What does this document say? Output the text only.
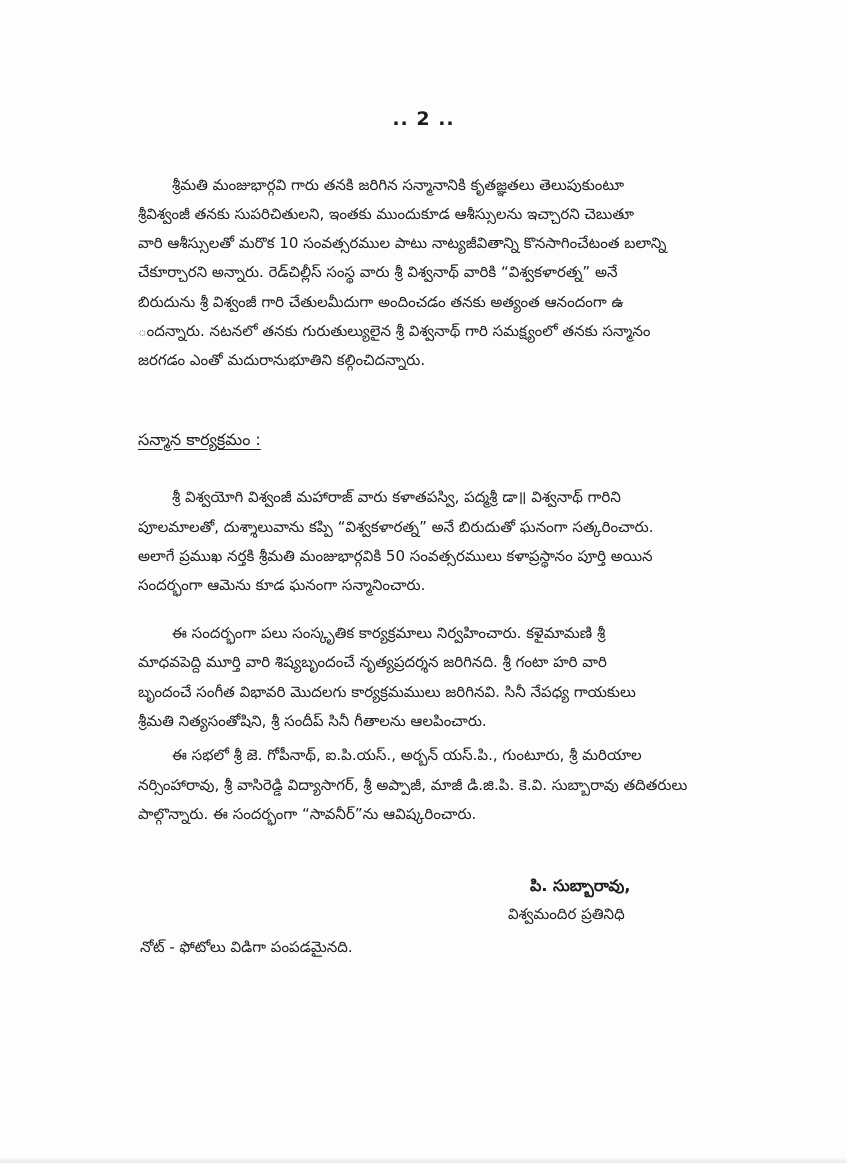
.. 2 ..
శ్రీమతి మంజుభార్గవి గారు తనకి జరిగిన సన్మానానికి కృతజ్ఞతలు తెలుపుకుంటూ
శ్రీవిశ్వంజీ తనకు సుపరిచితులని, ఇంతకు ముందుకూడ ఆశీస్సులను ఇచ్చారని చెబుతూ
వారి ఆశీస్సులతో మరొక 10 సంవత్సరముల పాటు నాట్యజీవితాన్ని కొనసాగించేటంత బలాన్ని
చేకూర్చారని అన్నారు. రెడ్‌చిల్లీస్ సంస్థ వారు శ్రీ విశ్వనాథ్ వారికి “విశ్వకళారత్న” అనే
బిరుదును శ్రీ విశ్వంజీ గారి చేతులమీదుగా అందించడం తనకు అత్యంత ఆనందంగా ఉ
ందన్నారు. నటనలో తనకు గురుతుల్యులైన శ్రీ విశ్వనాథ్ గారి సమక్ష్యంలో తనకు సన్మానం
జరగడం ఎంతో మదురానుభూతిని కల్గించిదన్నారు.
సన్మాన కార్యక్రమం :
శ్రీ విశ్వయోగి విశ్వంజీ మహారాజ్ వారు కళాతపస్వి, పద్మశ్రీ డా॥ విశ్వనాథ్ గారిని
పూలమాలతో, దుశ్శాలువాను కప్పి “విశ్వకళారత్న” అనే బిరుదుతో ఘనంగా సత్కరించారు.
అలాగే ప్రముఖ నర్తకి శ్రీమతి మంజుభార్గవికి 50 సంవత్సరములు కళాప్రస్థానం పూర్తి అయిన
సందర్భంగా ఆమెను కూడ ఘనంగా సన్మానించారు.
ఈ సందర్భంగా పలు సంస్కృతిక కార్యక్రమాలు నిర్వహించారు. కళైమామణి శ్రీ
మాధవపెద్ది మూర్తి వారి శిష్యబృందంచే నృత్యప్రదర్శన జరిగినది. శ్రీ గంటా హరి వారి
బృందంచే సంగీత విభావరి మొదలగు కార్యక్రమములు జరిగినవి. సినీ నేపధ్య గాయకులు
శ్రీమతి నిత్యసంతోషిని, శ్రీ సందీప్ సినీ గీతాలను ఆలపించారు.
ఈ సభలో శ్రీ జె. గోపీనాథ్, ఐ.పి.యస్., అర్బన్ యస్.పి., గుంటూరు, శ్రీ మరియాల
నర్సింహారావు, శ్రీ వాసిరెడ్డి విద్యాసాగర్, శ్రీ అప్పాజీ, మాజీ డి.జి.పి. కె.వి. సుబ్బారావు తదితరులు
పాల్గొన్నారు. ఈ సందర్భంగా “సావనీర్”ను ఆవిష్కరించారు.
పి. సుబ్బారావు,
విశ్వమందిర ప్రతినిధి
నోట్ - ఫోటోలు విడిగా పంపడమైనది.
